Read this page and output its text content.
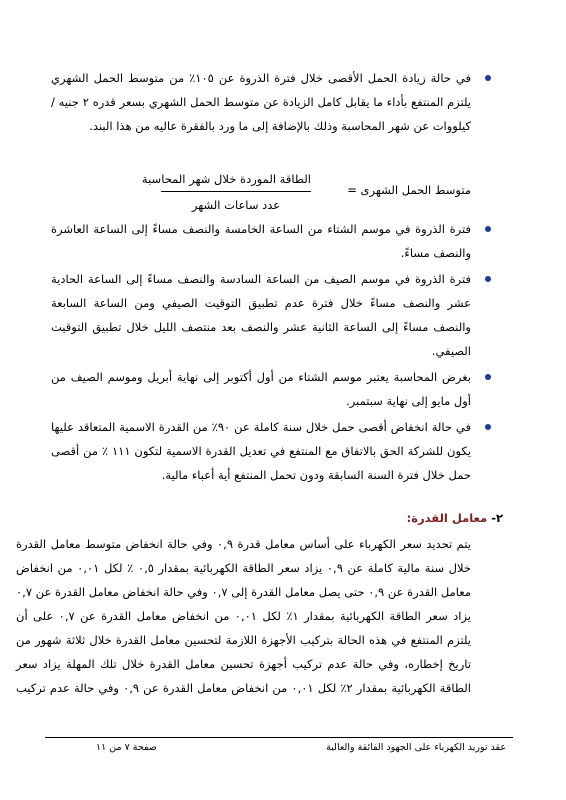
في حالة زيادة الحمل الأقصى خلال فترة الذروة عن ١٠٥٪ من متوسط الحمل الشهري يلتزم المنتفع بأداء ما يقابل كامل الزيادة عن متوسط الحمل الشهري بسعر قدره ٢ جنيه / كيلووات عن شهر المحاسبة وذلك بالإضافة إلى ما ورد بالفقرة عاليه من هذا البند.
متوسط الحمل الشهرى =
الطاقة الموردة خلال شهر المحاسبة
عدد ساعات الشهر
فترة الذروة في موسم الشتاء من الساعة الخامسة والنصف مساءً إلى الساعة العاشرة والنصف مساءً.
فترة الذروة في موسم الصيف من الساعة السادسة والنصف مساءً إلى الساعة الحادية عشر والنصف مساءً خلال فترة عدم تطبيق التوقيت الصيفي ومن الساعة السابعة والنصف مساءً إلى الساعة الثانية عشر والنصف بعد منتصف الليل خلال تطبيق التوقيت الصيفي.
بغرض المحاسبة يعتبر موسم الشتاء من أول أكتوبر إلى نهاية أبريل وموسم الصيف من أول مايو إلى نهاية سبتمبر.
في حالة انخفاض أقصى حمل خلال سنة كاملة عن ٩٠٪ من القدرة الاسمية المتعاقد عليها يكون للشركة الحق بالاتفاق مع المنتفع في تعديل القدرة الاسمية لتكون ١١١ ٪ من أقصى حمل خلال فترة السنة السابقة ودون تحمل المنتفع أية أعباء مالية.
٢- معامل القدرة:

يتم تحديد سعر الكهرباء على أساس معامل قدرة ٠,٩ وفي حالة انخفاض متوسط معامل القدرة خلال سنة مالية كاملة عن ٠,٩ يزاد سعر الطاقة الكهربائية بمقدار ٠,٥ ٪ لكل ٠,٠١ من انخفاض معامل القدرة عن ٠,٩ حتى يصل معامل القدرة إلى ٠,٧ وفي حالة انخفاض معامل القدرة عن ٠,٧ يزاد سعر الطاقة الكهربائية بمقدار ١٪ لكل ٠,٠١ من انخفاض معامل القدرة عن ٠,٧ على أن يلتزم المنتفع في هذه الحالة بتركيب الأجهزة اللازمة لتحسين معامل القدرة خلال ثلاثة شهور من تاريخ إخطاره، وفي حالة عدم تركيب أجهزة تحسين معامل القدرة خلال تلك المهلة يزاد سعر الطاقة الكهربائية بمقدار ٢٪ لكل ٠,٠١ من انخفاض معامل القدرة عن ٠,٩ وفي حالة عدم تركيب

عقد توريد الكهرباء على الجهود الفائقة والعالية
صفحة ٧ من ١١
